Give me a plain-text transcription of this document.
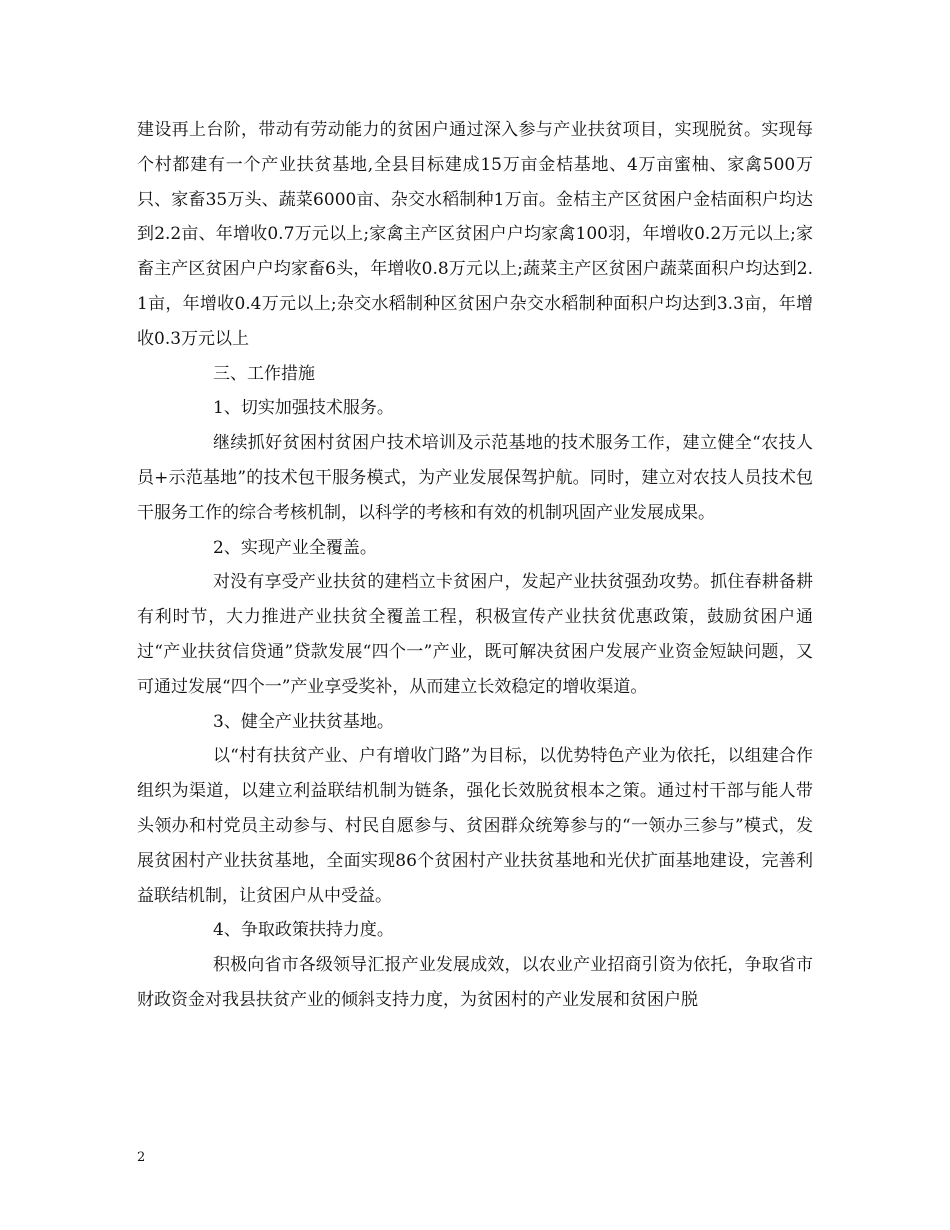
建设再上台阶，带动有劳动能力的贫困户通过深入参与产业扶贫项目，实现脱贫。实现每个村都建有一个产业扶贫基地,全县目标建成15万亩金桔基地、4万亩蜜柚、家禽500万只、家畜35万头、蔬菜6000亩、杂交水稻制种1万亩。金桔主产区贫困户金桔面积户均达到2.2亩、年增收0.7万元以上;家禽主产区贫困户户均家禽100羽，年增收0.2万元以上;家畜主产区贫困户户均家畜6头，年增收0.8万元以上;蔬菜主产区贫困户蔬菜面积户均达到2.1亩，年增收0.4万元以上;杂交水稻制种区贫困户杂交水稻制种面积户均达到3.3亩，年增收0.3万元以上

三、工作措施

1、切实加强技术服务。

继续抓好贫困村贫困户技术培训及示范基地的技术服务工作，建立健全“农技人员+示范基地”的技术包干服务模式，为产业发展保驾护航。同时，建立对农技人员技术包干服务工作的综合考核机制，以科学的考核和有效的机制巩固产业发展成果。

2、实现产业全覆盖。

对没有享受产业扶贫的建档立卡贫困户，发起产业扶贫强劲攻势。抓住春耕备耕有利时节，大力推进产业扶贫全覆盖工程，积极宣传产业扶贫优惠政策，鼓励贫困户通过“产业扶贫信贷通”贷款发展“四个一”产业，既可解决贫困户发展产业资金短缺问题，又可通过发展“四个一”产业享受奖补，从而建立长效稳定的增收渠道。

3、健全产业扶贫基地。

以“村有扶贫产业、户有增收门路”为目标，以优势特色产业为依托，以组建合作组织为渠道，以建立利益联结机制为链条，强化长效脱贫根本之策。通过村干部与能人带头领办和村党员主动参与、村民自愿参与、贫困群众统筹参与的“一领办三参与”模式，发展贫困村产业扶贫基地，全面实现86个贫困村产业扶贫基地和光伏扩面基地建设，完善利益联结机制，让贫困户从中受益。

4、争取政策扶持力度。

积极向省市各级领导汇报产业发展成效，以农业产业招商引资为依托，争取省市财政资金对我县扶贫产业的倾斜支持力度，为贫困村的产业发展和贫困户脱

2
